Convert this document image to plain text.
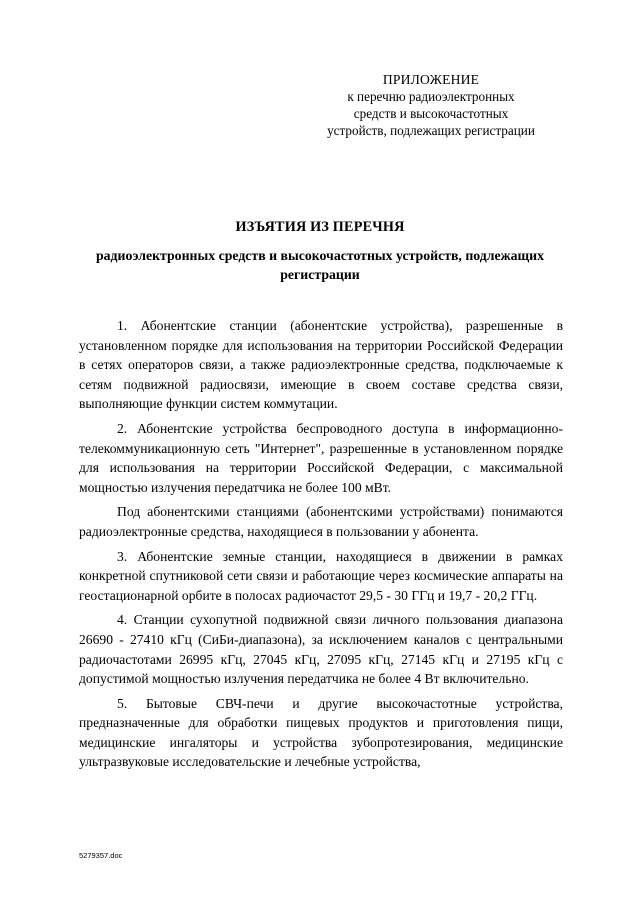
ПРИЛОЖЕНИЕ
к перечню радиоэлектронных
средств и высокочастотных
устройств, подлежащих регистрации
ИЗЪЯТИЯ ИЗ ПЕРЕЧНЯ
радиоэлектронных средств и высокочастотных устройств, подлежащих регистрации

1. Абонентские станции (абонентские устройства), разрешенные в установленном порядке для использования на территории Российской Федерации в сетях операторов связи, а также радиоэлектронные средства, подключаемые к сетям подвижной радиосвязи, имеющие в своем составе средства связи, выполняющие функции систем коммутации.

2. Абонентские устройства беспроводного доступа в информационно-телекоммуникационную сеть "Интернет", разрешенные в установленном порядке для использования на территории Российской Федерации, с максимальной мощностью излучения передатчика не более 100 мВт.

Под абонентскими станциями (абонентскими устройствами) понимаются радиоэлектронные средства, находящиеся в пользовании у абонента.

3. Абонентские земные станции, находящиеся в движении в рамках конкретной спутниковой сети связи и работающие через космические аппараты на геостационарной орбите в полосах радиочастот 29,5 - 30 ГГц и 19,7 - 20,2 ГГц.

4. Станции сухопутной подвижной связи личного пользования диапазона 26690 - 27410 кГц (СиБи-диапазона), за исключением каналов с центральными радиочастотами 26995 кГц, 27045 кГц, 27095 кГц, 27145 кГц и 27195 кГц с допустимой мощностью излучения передатчика не более 4 Вт включительно.

5. Бытовые СВЧ-печи и другие высокочастотные устройства, предназначенные для обработки пищевых продуктов и приготовления пищи, медицинские ингаляторы и устройства зубопротезирования, медицинские ультразвуковые исследовательские и лечебные устройства,

5279357.doc
